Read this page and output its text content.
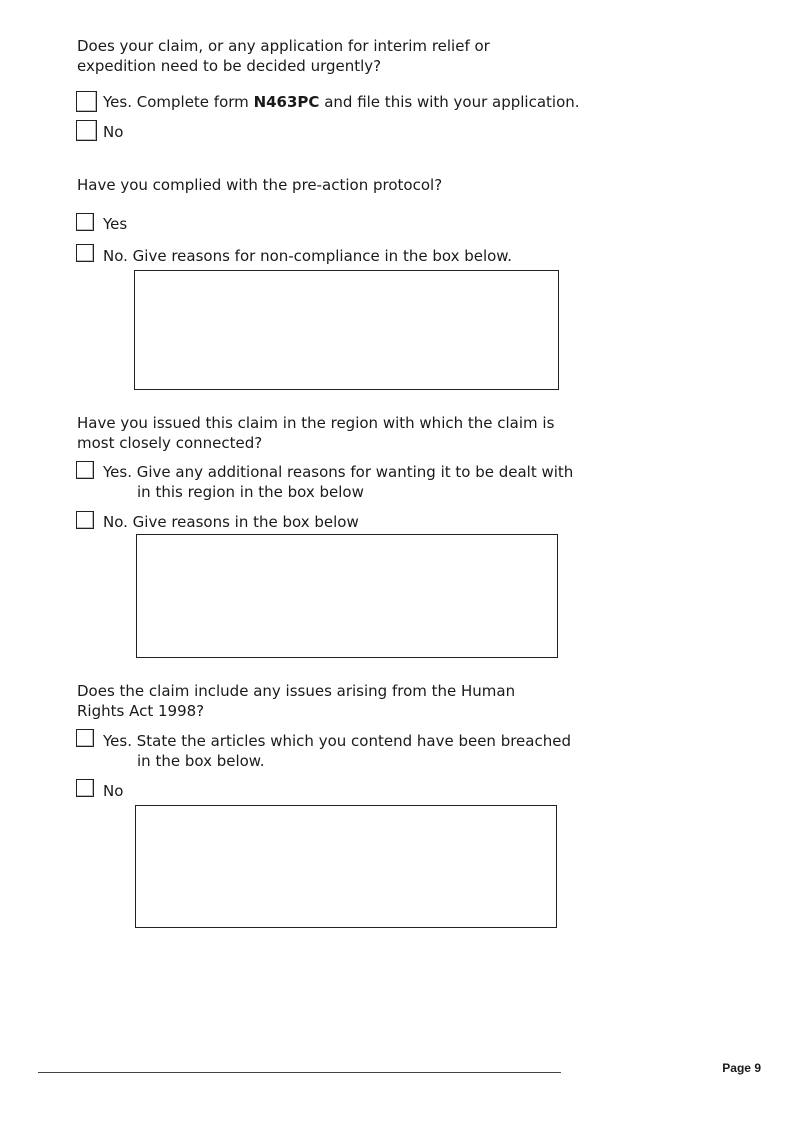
Does your claim, or any application for interim relief or expedition need to be decided urgently?

Yes. Complete form N463PC and file this with your application.
No

Have you complied with the pre-action protocol?

Yes
No. Give reasons for non-compliance in the box below.

Have you issued this claim in the region with which the claim is most closely connected?

Yes. Give any additional reasons for wanting it to be dealt with
in this region in the box below
No. Give reasons in the box below

Does the claim include any issues arising from the Human Rights Act 1998?

Yes. State the articles which you contend have been breached
in the box below.
No
Page 9
